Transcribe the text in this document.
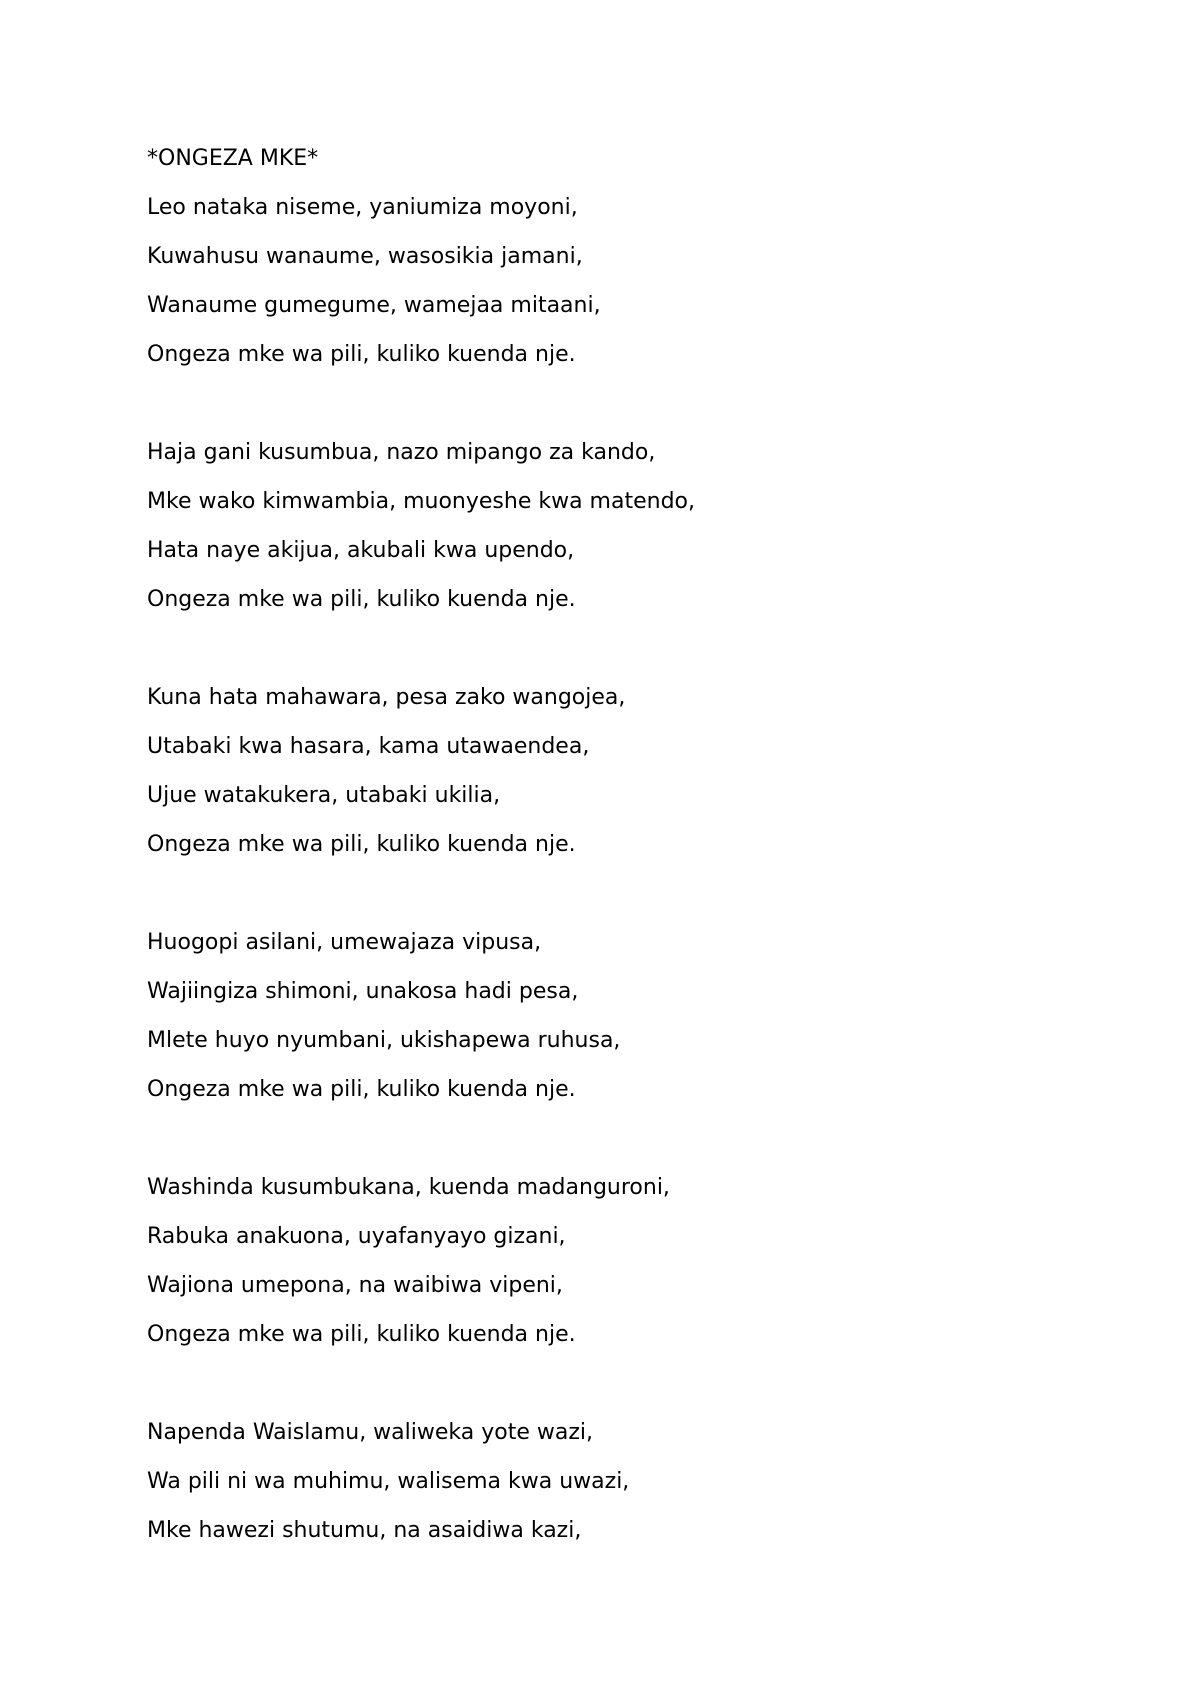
*ONGEZA MKE*
Leo nataka niseme, yaniumiza moyoni,
Kuwahusu wanaume, wasosikia jamani,
Wanaume gumegume, wamejaa mitaani,
Ongeza mke wa pili, kuliko kuenda nje.
Haja gani kusumbua, nazo mipango za kando,
Mke wako kimwambia, muonyeshe kwa matendo,
Hata naye akijua, akubali kwa upendo,
Ongeza mke wa pili, kuliko kuenda nje.
Kuna hata mahawara, pesa zako wangojea,
Utabaki kwa hasara, kama utawaendea,
Ujue watakukera, utabaki ukilia,
Ongeza mke wa pili, kuliko kuenda nje.
Huogopi asilani, umewajaza vipusa,
Wajiingiza shimoni, unakosa hadi pesa,
Mlete huyo nyumbani, ukishapewa ruhusa,
Ongeza mke wa pili, kuliko kuenda nje.
Washinda kusumbukana, kuenda madanguroni,
Rabuka anakuona, uyafanyayo gizani,
Wajiona umepona, na waibiwa vipeni,
Ongeza mke wa pili, kuliko kuenda nje.
Napenda Waislamu, waliweka yote wazi,
Wa pili ni wa muhimu, walisema kwa uwazi,
Mke hawezi shutumu, na asaidiwa kazi,
